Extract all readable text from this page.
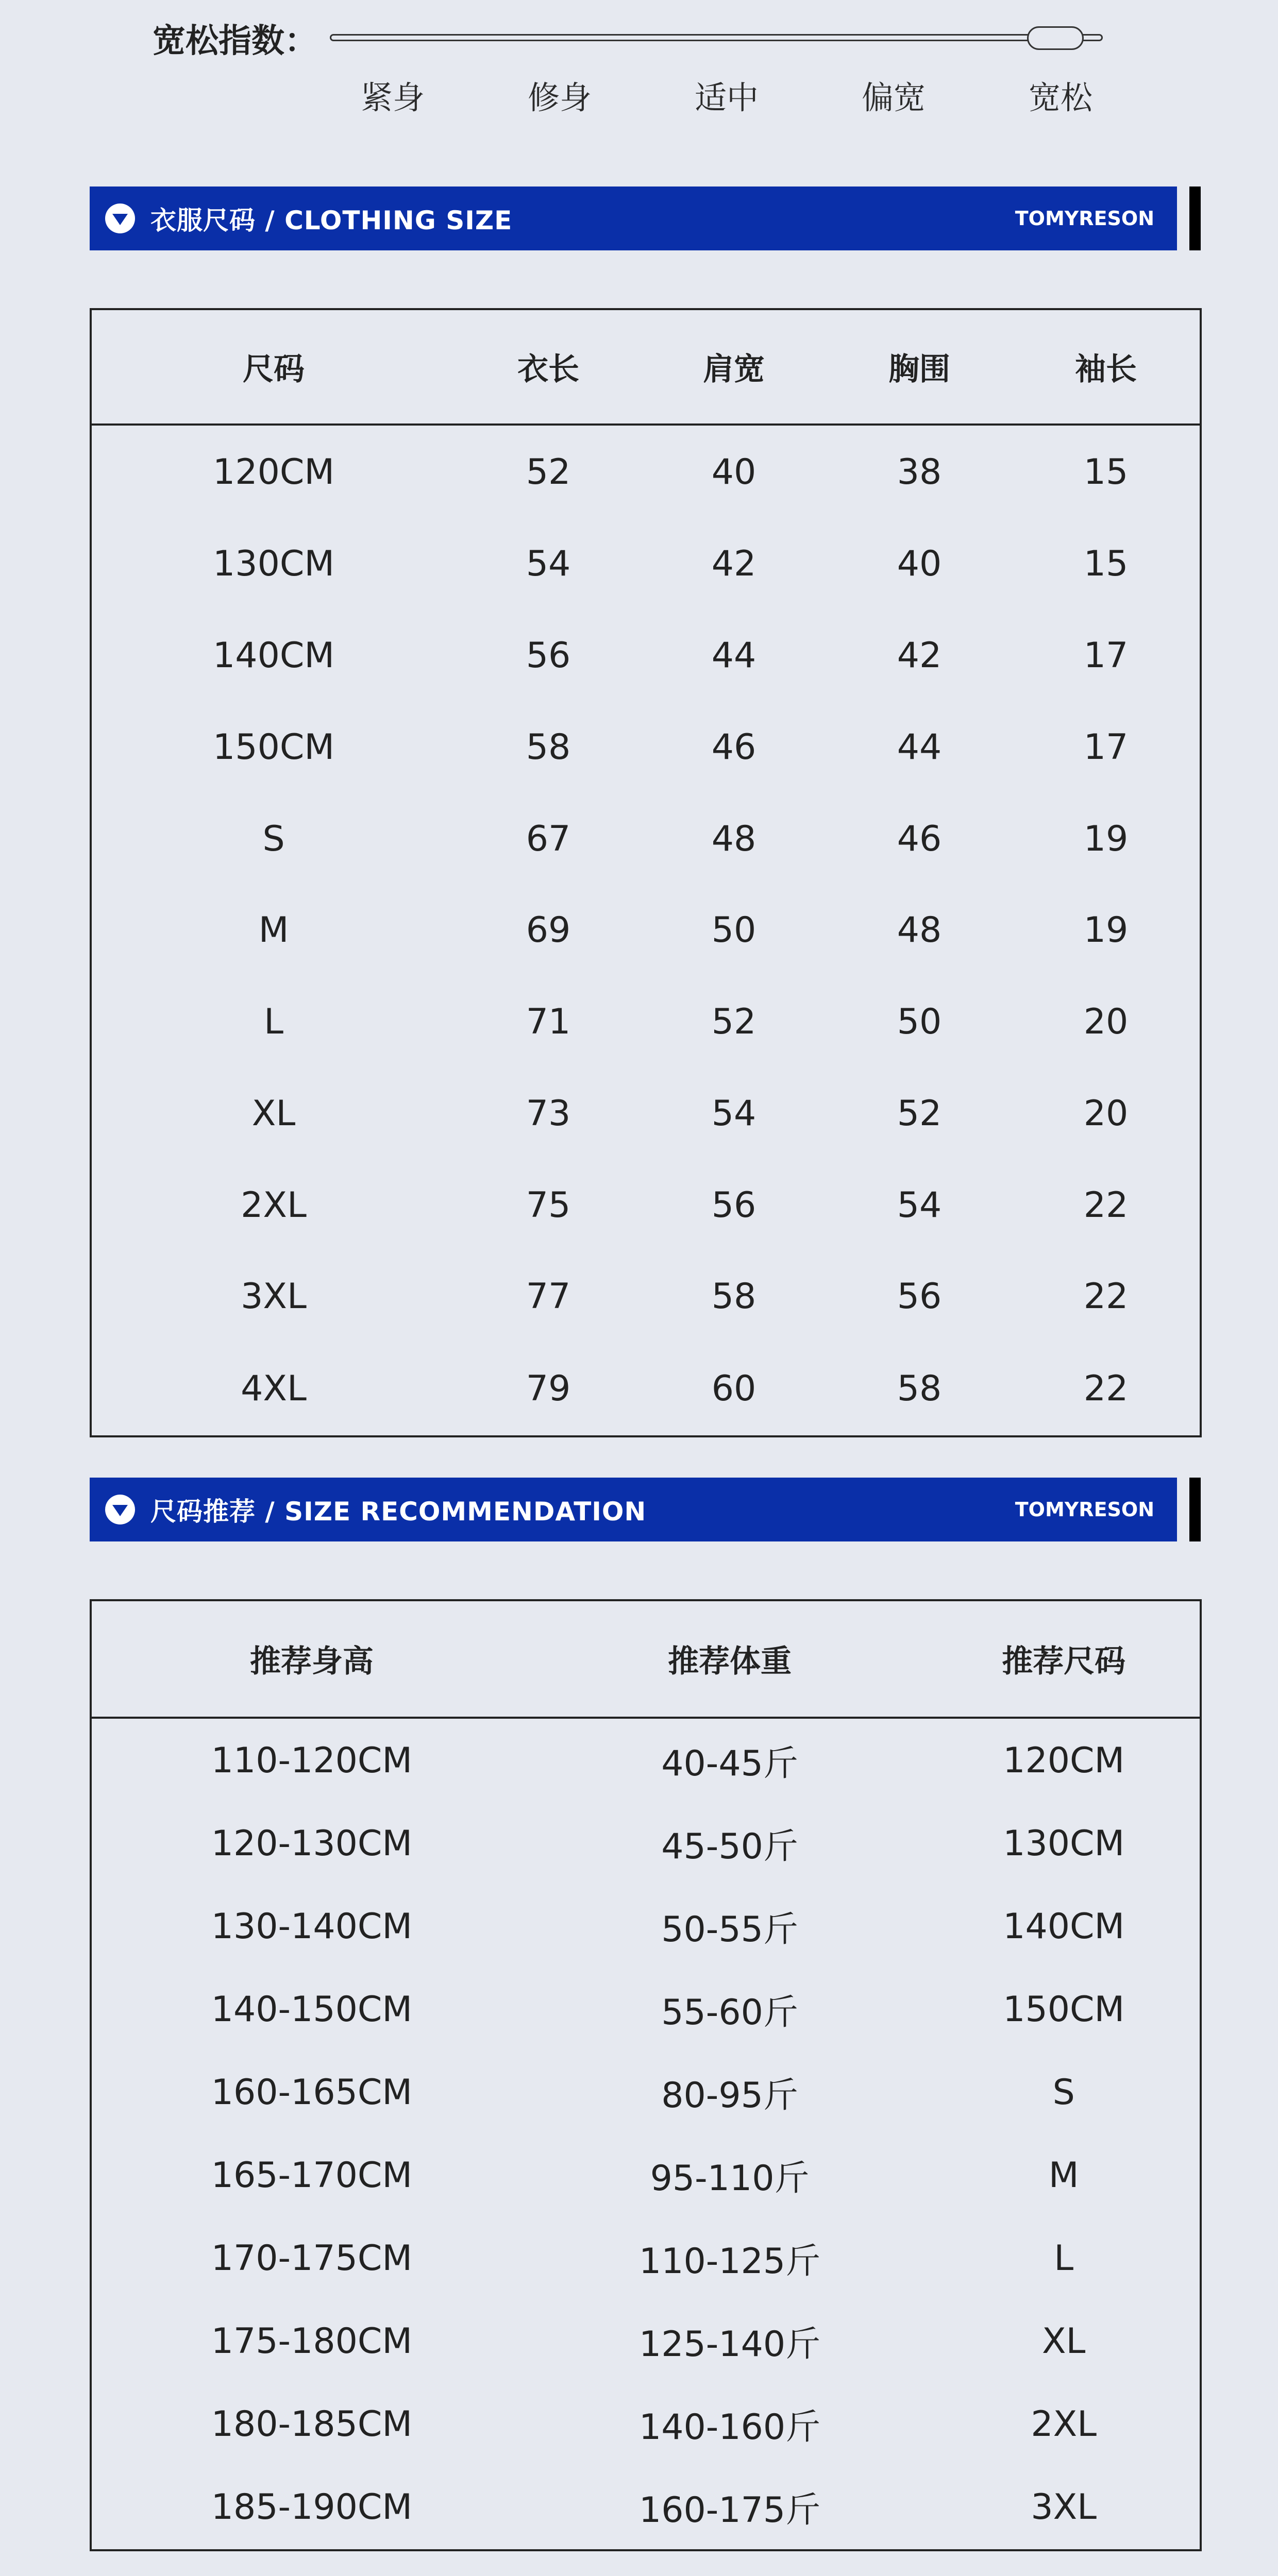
宽松指数：
紧身	修身	适中	偏宽	宽松
衣服尺码 / CLOTHING SIZE	TOMYRESON
尺码	衣长	肩宽	胸围	袖长
120CM	52	40	38	15
130CM	54	42	40	15
140CM	56	44	42	17
150CM	58	46	44	17
S	67	48	46	19
M	69	50	48	19
L	71	52	50	20
XL	73	54	52	20
2XL	75	56	54	22
3XL	77	58	56	22
4XL	79	60	58	22
尺码推荐 / SIZE RECOMMENDATION	TOMYRESON
推荐身高	推荐体重	推荐尺码
110-120CM	40-45斤	120CM
120-130CM	45-50斤	130CM
130-140CM	50-55斤	140CM
140-150CM	55-60斤	150CM
160-165CM	80-95斤	S
165-170CM	95-110斤	M
170-175CM	110-125斤	L
175-180CM	125-140斤	XL
180-185CM	140-160斤	2XL
185-190CM	160-175斤	3XL
